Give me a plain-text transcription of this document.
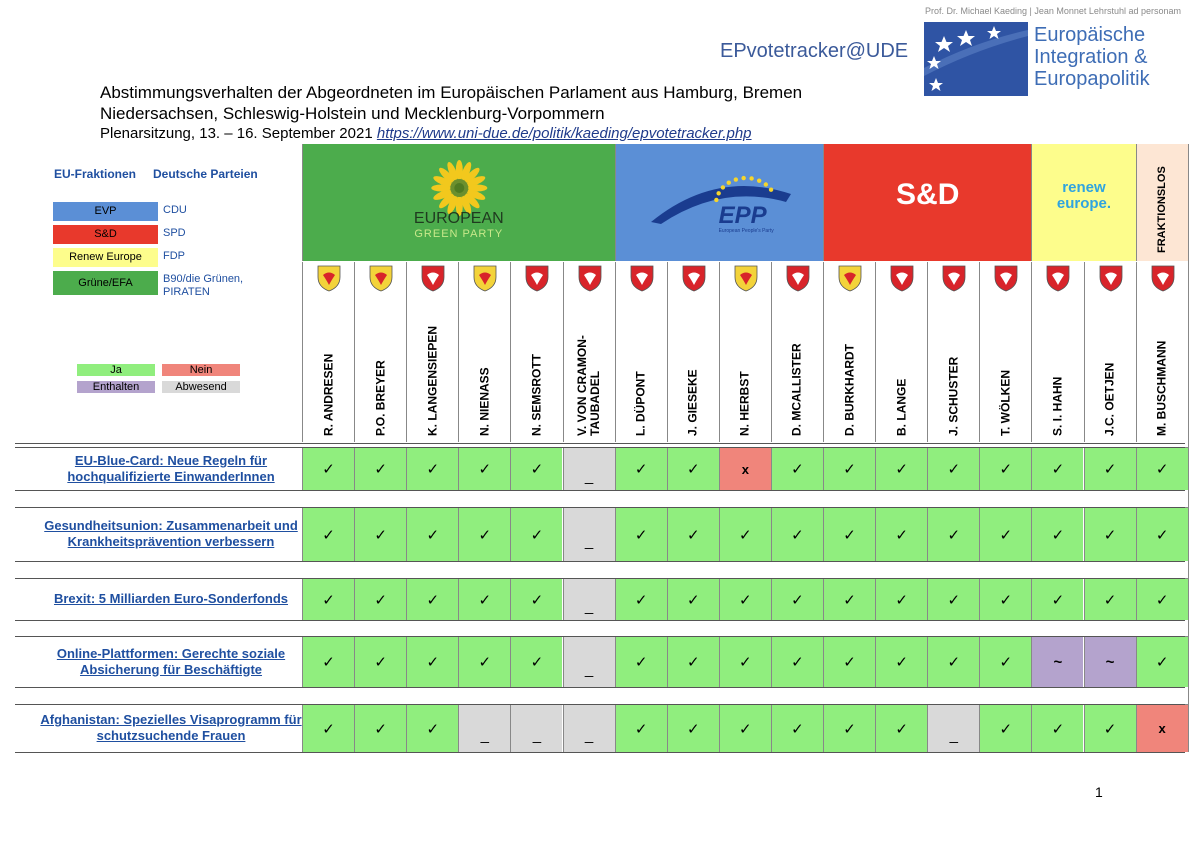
Prof. Dr. Michael Kaeding | Jean Monnet Lehrstuhl ad personam
EPvotetracker@UDE
Europäische
Integration &
Europapolitik
Abstimmungsverhalten der Abgeordneten im Europäischen Parlament aus Hamburg, Bremen
Niedersachsen, Schleswig-Holstein und Mecklenburg-Vorpommern
Plenarsitzung, 13. – 16. September 2021 https://www.uni-due.de/politik/kaeding/epvotetracker.php
EU-Fraktionen Deutsche Parteien
EVP	CDU
S&D	SPD
Renew Europe	FDP
Grüne/EFA	B90/die Grünen, PIRATEN
Ja	Nein
Enthalten	Abwesend
EUROPEAN
GREEN PARTY
EPP
European People's Party
S&D	renew
europe.	FRAKTIONSLOS
R. ANDRESEN	P.O. BREYER	K. LANGENSIEPEN	N. NIENASS	N. SEMSROTT	V. VON CRAMON-TAUBADEL	L. DÜPONT	J. GIESEKE	N. HERBST	D. MCALLISTER	D. BURKHARDT	B. LANGE	J. SCHUSTER	T. WÖLKEN	S. I. HAHN	J.C. OETJEN	M. BUSCHMANN
EU-Blue-Card: Neue Regeln für hochqualifizierte EinwanderInnen	✓	✓	✓	✓	✓	_	✓	✓	x	✓	✓	✓	✓	✓	✓	✓	✓
Gesundheitsunion: Zusammenarbeit und Krankheitsprävention verbessern	✓	✓	✓	✓	✓	_	✓	✓	✓	✓	✓	✓	✓	✓	✓	✓	✓
Brexit: 5 Milliarden Euro-Sonderfonds	✓	✓	✓	✓	✓	_	✓	✓	✓	✓	✓	✓	✓	✓	✓	✓	✓
Online-Plattformen: Gerechte soziale Absicherung für Beschäftigte	✓	✓	✓	✓	✓	_	✓	✓	✓	✓	✓	✓	✓	✓	~	~	✓
Afghanistan: Spezielles Visaprogramm für schutzsuchende Frauen	✓	✓	✓	_	_	_	✓	✓	✓	✓	✓	✓	_	✓	✓	✓	x
1
